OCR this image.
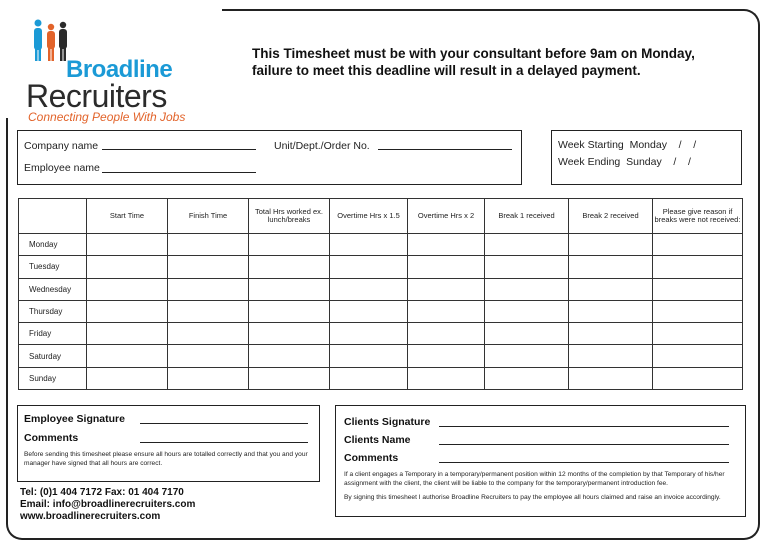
Broadline
Recruiters
Connecting People With Jobs
This Timesheet must be with your consultant before 9am on Monday,
failure to meet this deadline will result in a delayed payment.
Company name	Unit/Dept./Order No.
Employee name
Week Starting  Monday    /    /
Week Ending  Sunday    /    /
	Start Time	Finish Time	Total Hrs worked ex. lunch/breaks	Overtime Hrs x 1.5	Overtime Hrs x 2	Break 1 received	Break 2 received	Please give reason if breaks were not received:
Monday								
Tuesday								
Wednesday								
Thursday								
Friday								
Saturday								
Sunday								
Employee Signature
Comments
Before sending this timesheet please ensure all hours are totalled correctly and that you and your manager have signed that all hours are correct.
Clients Signature
Clients Name
Comments
If a client engages a Temporary in a temporary/permanent position within 12 months of the completion by that Temporary of his/her assignment with the client, the client will be liable to the company for the temporary/permanent introduction fee.
By signing this timesheet I authorise Broadline Recruiters to pay the employee all hours claimed and raise an invoice accordingly.
Tel: (0)1 404 7172 Fax: 01 404 7170
Email: info@broadlinerecruiters.com
www.broadlinerecruiters.com
